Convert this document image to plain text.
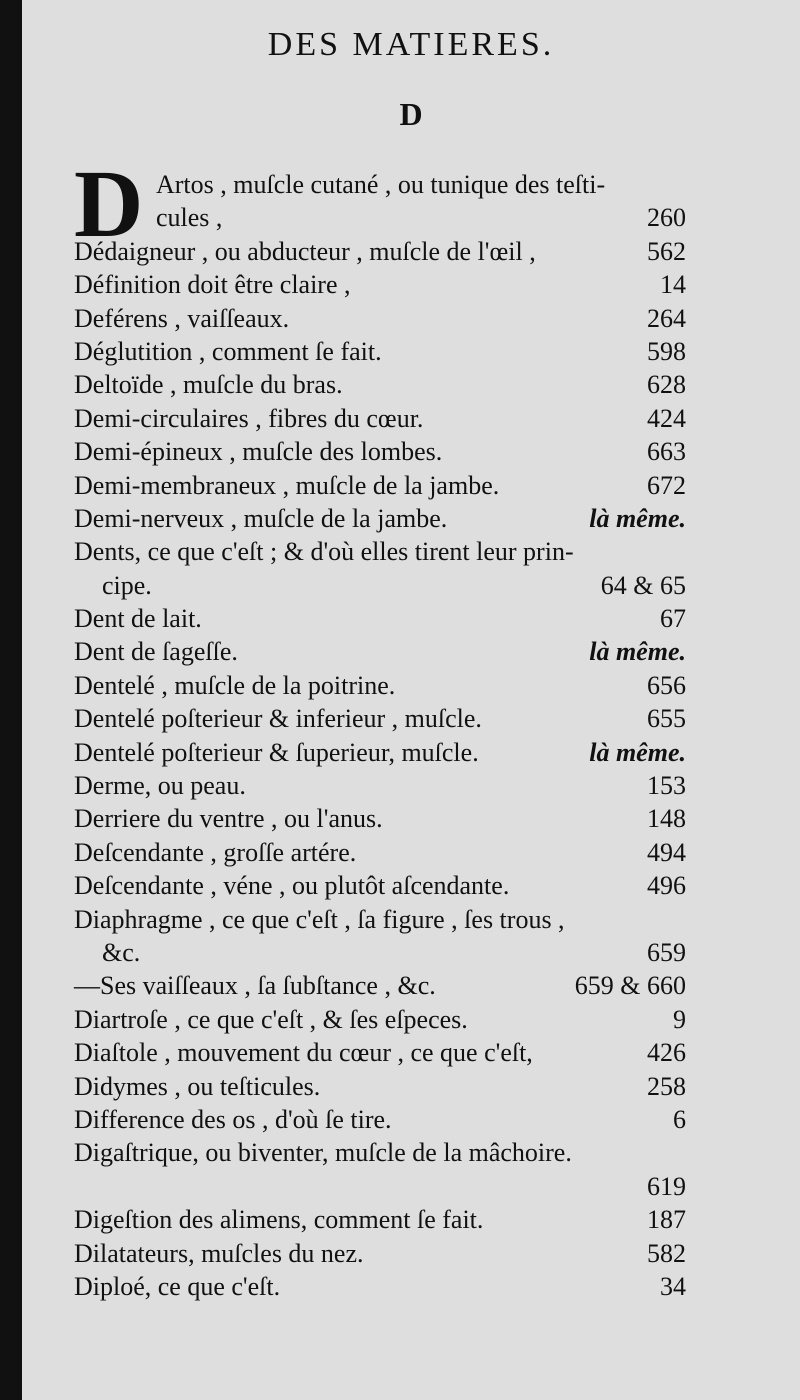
DES MATIERES.
D
D Artos , muſcle cutané , ou tunique des teſti-
cules ,	260
Dédaigneur , ou abducteur , muſcle de l'œil ,	562
Définition doit être claire ,	14
Deférens , vaiſſeaux.	264
Déglutition , comment ſe fait.	598
Deltoïde , muſcle du bras.	628
Demi-circulaires , fibres du cœur.	424
Demi-épineux , muſcle des lombes.	663
Demi-membraneux , muſcle de la jambe.	672
Demi-nerveux , muſcle de la jambe.	là même.
Dents, ce que c'eſt ; & d'où elles tirent leur prin-
cipe.	64 & 65
Dent de lait.	67
Dent de ſageſſe.	là même.
Dentelé , muſcle de la poitrine.	656
Dentelé poſterieur & inferieur , muſcle.	655
Dentelé poſterieur & ſuperieur, muſcle.	là même.
Derme, ou peau.	153
Derriere du ventre , ou l'anus.	148
Deſcendante , groſſe artére.	494
Deſcendante , véne , ou plutôt aſcendante.	496
Diaphragme , ce que c'eſt , ſa figure , ſes trous ,
&c.	659
—Ses vaiſſeaux , ſa ſubſtance , &c.	659 & 660
Diartroſe , ce que c'eſt , & ſes eſpeces.	9
Diaſtole , mouvement du cœur , ce que c'eſt,	426
Didymes , ou teſticules.	258
Difference des os , d'où ſe tire.	6
Digaſtrique, ou biventer, muſcle de la mâchoire.
619
Digeſtion des alimens, comment ſe fait.	187
Dilatateurs, muſcles du nez.	582
Diploé, ce que c'eſt.	34
